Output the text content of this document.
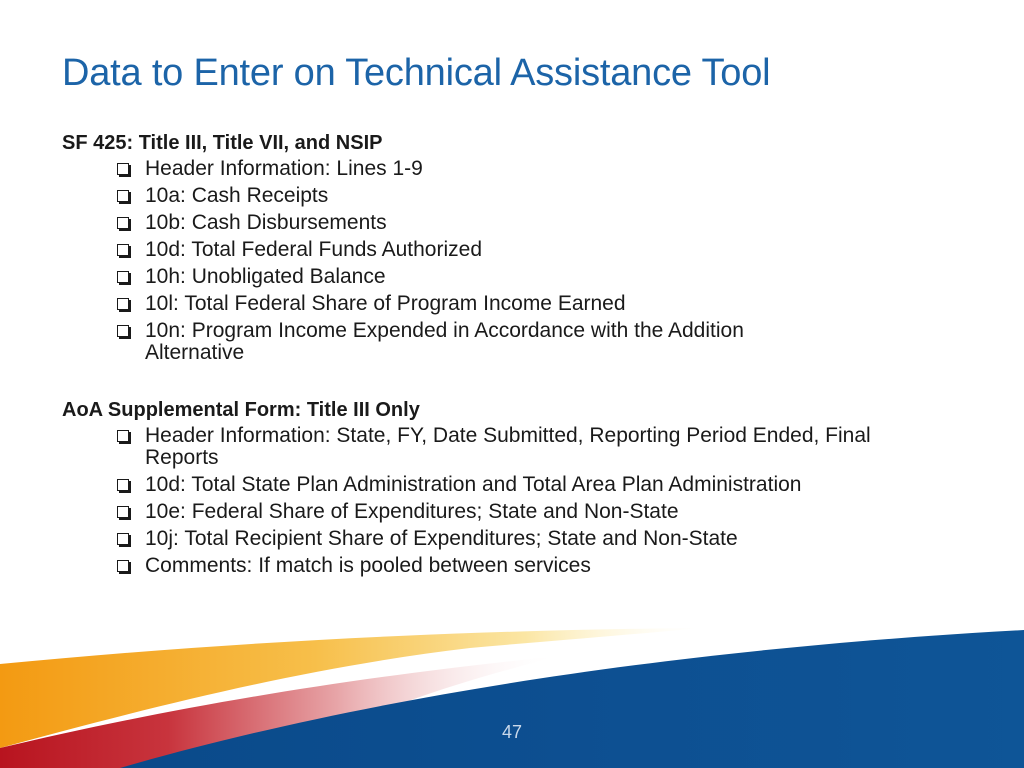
Data to Enter on Technical Assistance Tool
SF 425: Title III, Title VII, and NSIP
Header Information: Lines 1-9
10a: Cash Receipts
10b: Cash Disbursements
10d: Total Federal Funds Authorized
10h: Unobligated Balance
10l: Total Federal Share of Program Income Earned
10n: Program Income Expended in Accordance with the Addition Alternative
AoA Supplemental Form: Title III Only
Header Information: State, FY, Date Submitted, Reporting Period Ended, Final Reports
10d: Total State Plan Administration and Total Area Plan Administration
10e: Federal Share of Expenditures; State and Non-State
10j: Total Recipient Share of Expenditures; State and Non-State
Comments: If match is pooled between services
47
